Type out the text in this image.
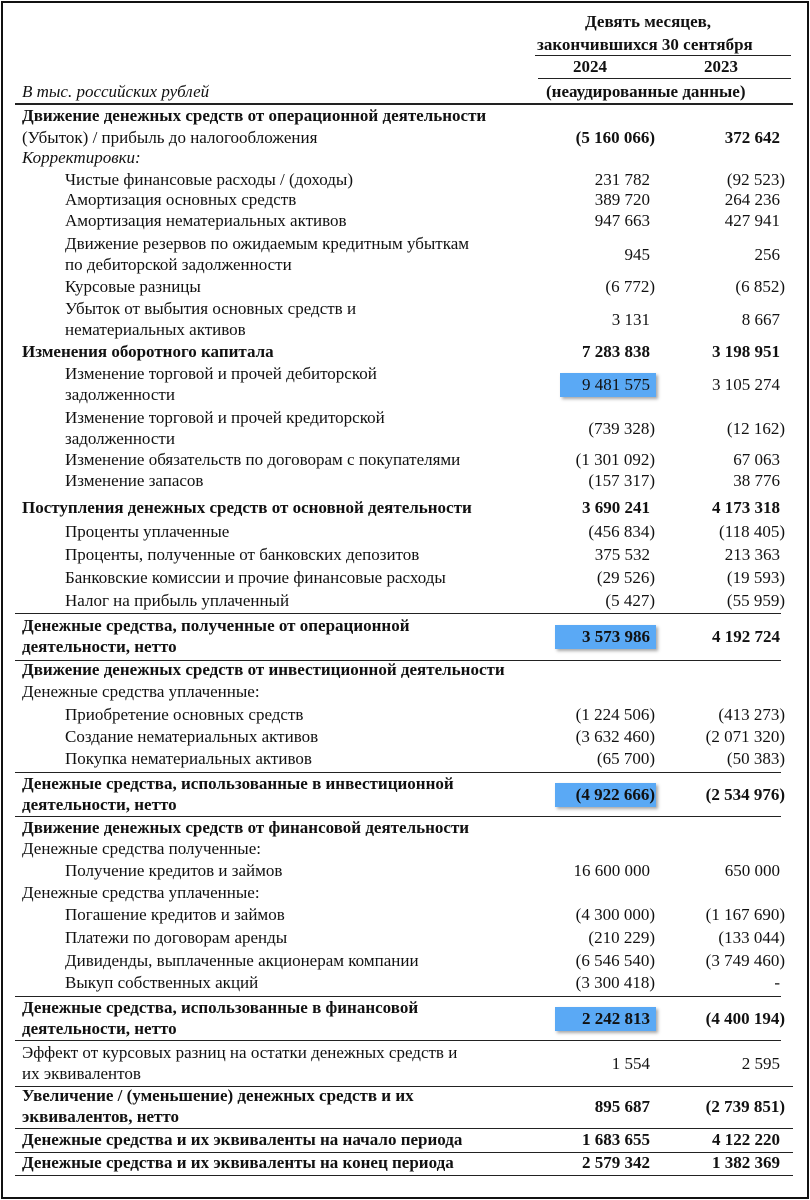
Девять месяцев,
закончившихся 30 сентября
2024	2023
В тыс. российских рублей	(неаудированные данные)
Движение денежных средств от операционной деятельности
(Убыток) / прибыль до налогообложения	(5 160 066)	372 642
Корректировки:
Чистые финансовые расходы / (доходы)	231 782	(92 523)
Амортизация основных средств	389 720	264 236
Амортизация нематериальных активов	947 663	427 941
Движение резервов по ожидаемым кредитным убыткам
по дебиторской задолженности
945	256
Курсовые разницы	(6 772)	(6 852)
Убыток от выбытия основных средств и
нематериальных активов
3 131	8 667
Изменения оборотного капитала	7 283 838	3 198 951
Изменение торговой и прочей дебиторской
задолженности
9 481 575	3 105 274
Изменение торговой и прочей кредиторской
задолженности
(739 328)	(12 162)
Изменение обязательств по договорам с покупателями	(1 301 092)	67 063
Изменение запасов	(157 317)	38 776
Поступления денежных средств от основной деятельности	3 690 241	4 173 318
Проценты уплаченные	(456 834)	(118 405)
Проценты, полученные от банковских депозитов	375 532	213 363
Банковские комиссии и прочие финансовые расходы	(29 526)	(19 593)
Налог на прибыль уплаченный	(5 427)	(55 959)
Денежные средства, полученные от операционной
деятельности, нетто
3 573 986	4 192 724
Движение денежных средств от инвестиционной деятельности
Денежные средства уплаченные:
Приобретение основных средств	(1 224 506)	(413 273)
Создание нематериальных активов	(3 632 460)	(2 071 320)
Покупка нематериальных активов	(65 700)	(50 383)
Денежные средства, использованные в инвестиционной
деятельности, нетто
(4 922 666)	(2 534 976)
Движение денежных средств от финансовой деятельности
Денежные средства полученные:
Получение кредитов и займов	16 600 000	650 000
Денежные средства уплаченные:
Погашение кредитов и займов	(4 300 000)	(1 167 690)
Платежи по договорам аренды	(210 229)	(133 044)
Дивиденды, выплаченные акционерам компании	(6 546 540)	(3 749 460)
Выкуп собственных акций	(3 300 418)	-
Денежные средства, использованные в финансовой
деятельности, нетто
2 242 813	(4 400 194)
Эффект от курсовых разниц на остатки денежных средств и
их эквивалентов
1 554	2 595
Увеличение / (уменьшение) денежных средств и их
эквивалентов, нетто
895 687	(2 739 851)
Денежные средства и их эквиваленты на начало периода	1 683 655	4 122 220
Денежные средства и их эквиваленты на конец периода	2 579 342	1 382 369
